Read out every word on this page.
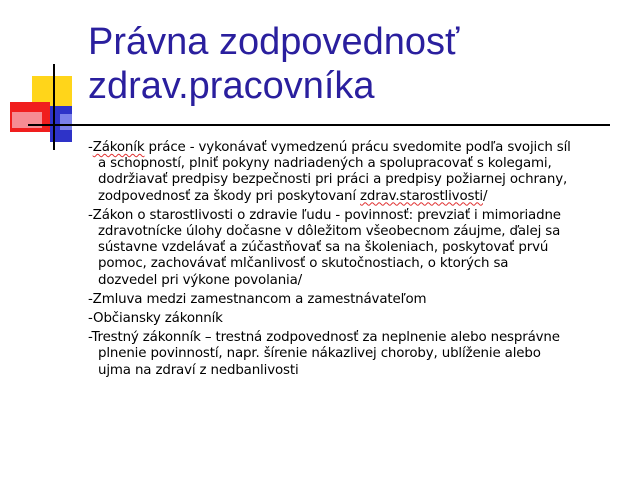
Právna zodpovednosť
zdrav.pracovníka
-Zákoník práce - vykonávať vymedzenú prácu svedomite podľa svojich síl
a schopností, plniť pokyny nadriadených a spolupracovať s kolegami,
dodržiavať predpisy bezpečnosti pri práci a predpisy požiarnej ochrany,
zodpovednosť za škody pri poskytovaní zdrav.starostlivosti/
-Zákon o starostlivosti o zdravie ľudu - povinnosť: prevziať i mimoriadne
zdravotnícke úlohy dočasne v dôležitom všeobecnom záujme, ďalej sa
sústavne vzdelávať a zúčastňovať sa na školeniach, poskytovať prvú
pomoc, zachovávať mlčanlivosť o skutočnostiach, o ktorých sa
dozvedel pri výkone povolania/
-Zmluva medzi zamestnancom a zamestnávateľom
-Občiansky zákonník
-Trestný zákonník – trestná zodpovednosť za neplnenie alebo nesprávne
plnenie povinností, napr. šírenie nákazlivej choroby, ublíženie alebo
ujma na zdraví z nedbanlivosti
